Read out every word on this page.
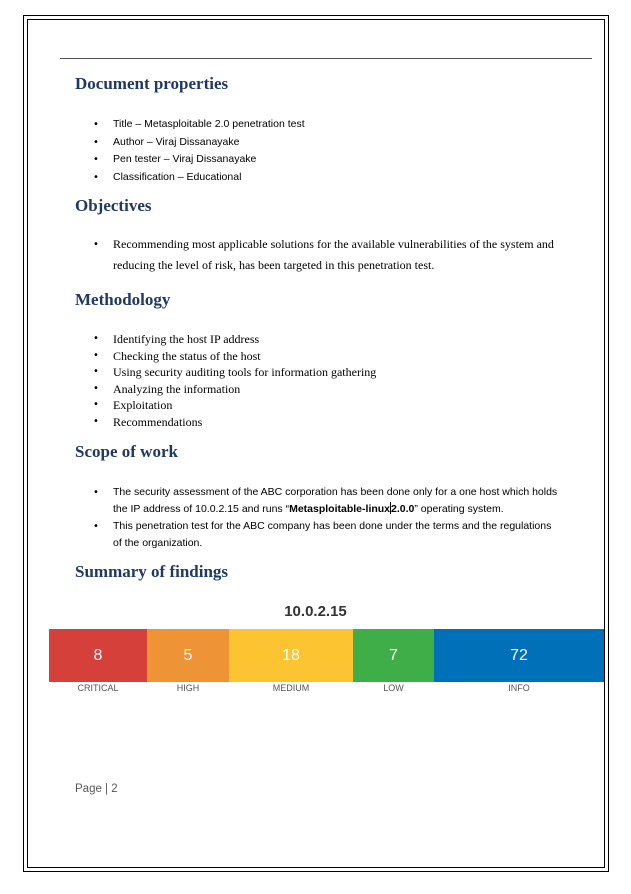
Document properties
• Title – Metasploitable 2.0 penetration test
• Author – Viraj Dissanayake
• Pen tester – Viraj Dissanayake
• Classification – Educational
Objectives
• Recommending most applicable solutions for the available vulnerabilities of the system and reducing the level of risk, has been targeted in this penetration test.
Methodology
• Identifying the host IP address
• Checking the status of the host
• Using security auditing tools for information gathering
• Analyzing the information
• Exploitation
• Recommendations
Scope of work
• The security assessment of the ABC corporation has been done only for a one host which holds the IP address of 10.0.2.15 and runs “Metasploitable-linux2.0.0” operating system.
• This penetration test for the ABC company has been done under the terms and the regulations of the organization.
Summary of findings
10.0.2.15
8	5	18	7	72
CRITICAL	HIGH	MEDIUM	LOW	INFO
Page | 2
